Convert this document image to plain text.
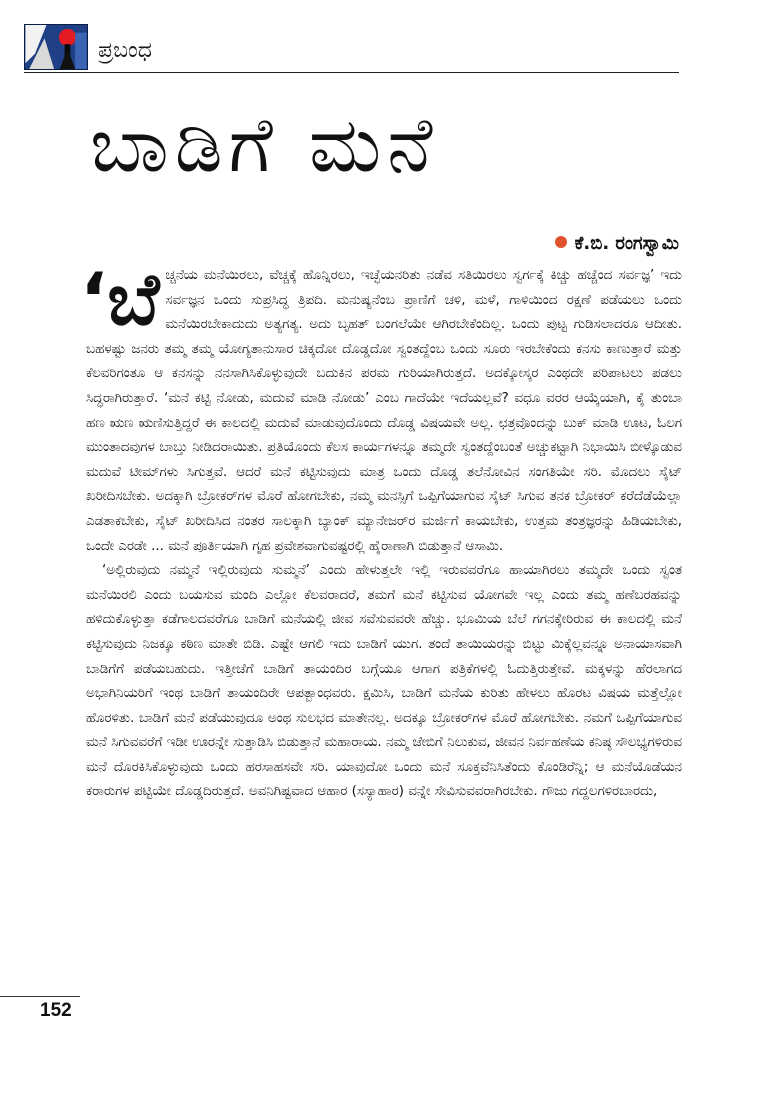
ಪ್ರಬಂಧ
ಬಾಡಿಗೆ ಮನೆ
ಕೆ.ಬಿ. ರಂಗಸ್ವಾಮಿ

‘ಬೆಚ್ಚನೆಯ ಮನೆಯಿರಲು, ವೆಚ್ಚಕ್ಕೆ ಹೊನ್ನಿರಲು, ಇಚ್ಛೆಯನರಿತು ನಡೆವ ಸತಿಯಿರಲು ಸ್ವರ್ಗಕ್ಕೆ ಕಿಚ್ಚು ಹಚ್ಚೆಂದ ಸರ್ವಜ್ಞ’ ಇದು ಸರ್ವಜ್ಞನ ಒಂದು ಸುಪ್ರಸಿದ್ಧ ತ್ರಿಪದಿ. ಮನುಷ್ಯನೆಂಬ ಪ್ರಾಣಿಗೆ ಚಳಿ, ಮಳೆ, ಗಾಳಿಯಿಂದ ರಕ್ಷಣೆ ಪಡೆಯಲು ಒಂದು ಮನೆಯಿರಬೇಕಾದುದು ಅತ್ಯಗತ್ಯ. ಅದು ಬೃಹತ್ ಬಂಗಲೆಯೇ ಆಗಿರಬೇಕೆಂದಿಲ್ಲ. ಒಂದು ಪುಟ್ಟ ಗುಡಿಸಲಾದರೂ ಆದೀತು. ಬಹಳಷ್ಟು ಜನರು ತಮ್ಮ ತಮ್ಮ ಯೋಗ್ಯತಾನುಸಾರ ಚಿಕ್ಕದೋ ದೊಡ್ಡದೋ ಸ್ವಂತದ್ದೆಂಬ ಒಂದು ಸೂರು ಇರಬೇಕೆಂದು ಕನಸು ಕಾಣುತ್ತಾರೆ ಮತ್ತು ಕೆಲವರಿಗಂತೂ ಆ ಕನಸನ್ನು ನನಸಾಗಿಸಿಕೊಳ್ಳುವುದೇ ಬದುಕಿನ ಪರಮ ಗುರಿಯಾಗಿರುತ್ತದೆ. ಅದಕ್ಕೋಸ್ಕರ ಎಂಥದೇ ಪರಿಪಾಟಲು ಪಡಲು ಸಿದ್ಧರಾಗಿರುತ್ತಾರೆ. ‘ಮನೆ ಕಟ್ಟಿ ನೋಡು, ಮದುವೆ ಮಾಡಿ ನೋಡು’ ಎಂಬ ಗಾದೆಯೇ ಇದೆಯಲ್ಲವೆ? ವಧೂ ವರರ ಆಯ್ಕೆಯಾಗಿ, ಕೈ ತುಂಬಾ ಹಣ ಋಣ ಋಣಿಸುತ್ತಿದ್ದರೆ ಈ ಕಾಲದಲ್ಲಿ ಮದುವೆ ಮಾಡುವುದೊಂದು ದೊಡ್ಡ ವಿಷಯವೇ ಅಲ್ಲ. ಛತ್ರವೊಂದನ್ನು ಬುಕ್ ಮಾಡಿ ಊಟ, ಓಲಗ ಮುಂತಾದವುಗಳ ಬಾಬ್ತು ನೀಡಿದರಾಯಿತು. ಪ್ರತಿಯೊಂದು ಕೆಲಸ ಕಾರ್ಯಗಳನ್ನೂ ತಮ್ಮದೇ ಸ್ವಂತದ್ದೆಂಬಂತೆ ಅಚ್ಚುಕಟ್ಟಾಗಿ ನಿಭಾಯಿಸಿ ಬೀಳ್ಕೊಡುವ ಮದುವೆ ಟೀಮ್‌ಗಳು ಸಿಗುತ್ತವೆ. ಆದರೆ ಮನೆ ಕಟ್ಟಿಸುವುದು ಮಾತ್ರ ಒಂದು ದೊಡ್ಡ ತಲೆನೋವಿನ ಸಂಗತಿಯೇ ಸರಿ. ಮೊದಲು ಸೈಟ್ ಖರೀದಿಸಬೇಕು. ಅದಕ್ಕಾಗಿ ಬ್ರೋಕರ್‌ಗಳ ಮೊರೆ ಹೋಗಬೇಕು, ನಮ್ಮ ಮನಸ್ಸಿಗೆ ಒಪ್ಪಿಗೆಯಾಗುವ ಸೈಟ್ ಸಿಗುವ ತನಕ ಬ್ರೋಕರ್ ಕರೆದೆಡೆಯೆಲ್ಲಾ ಎಡತಾಕಬೇಕು, ಸೈಟ್ ಖರೀದಿಸಿದ ನಂತರ ಸಾಲಕ್ಕಾಗಿ ಬ್ಯಾಂಕ್ ಮ್ಯಾನೇಜರ್‌ರ ಮರ್ಜಿಗೆ ಕಾಯಬೇಕು, ಉತ್ತಮ ತಂತ್ರಜ್ಞರನ್ನು ಹಿಡಿಯಬೇಕು, ಒಂದೇ ಎರಡೇ ... ಮನೆ ಪೂರ್ತಿಯಾಗಿ ಗೃಹ ಪ್ರವೇಶವಾಗುವಷ್ಟರಲ್ಲಿ ಹೈರಾಣಾಗಿ ಬಿಡುತ್ತಾನೆ ಆಸಾಮಿ.

‘ಅಲ್ಲಿರುವುದು ನಮ್ಮನೆ ಇಲ್ಲಿರುವುದು ಸುಮ್ಮನೆ’ ಎಂದು ಹೇಳುತ್ತಲೇ ಇಲ್ಲಿ ಇರುವವರೆಗೂ ಹಾಯಾಗಿರಲು ತಮ್ಮದೇ ಒಂದು ಸ್ವಂತ ಮನೆಯಿರಲಿ ಎಂದು ಬಯಸುವ ಮಂದಿ ಎಲ್ಲೋ ಕೆಲವರಾದರೆ, ತಮಗೆ ಮನೆ ಕಟ್ಟಿಸುವ ಯೋಗವೇ ಇಲ್ಲ ಎಂದು ತಮ್ಮ ಹಣೆಬರಹವನ್ನು ಹಳಿದುಕೊಳ್ಳುತ್ತಾ ಕಡೆಗಾಲದವರೆಗೂ ಬಾಡಿಗೆ ಮನೆಯಲ್ಲಿ ಜೀವ ಸವೆಸುವವರೇ ಹೆಚ್ಚು. ಭೂಮಿಯ ಬೆಲೆ ಗಗನಕ್ಕೇರಿರುವ ಈ ಕಾಲದಲ್ಲಿ ಮನೆ ಕಟ್ಟಿಸುವುದು ನಿಜಕ್ಕೂ ಕಠಿಣ ಮಾತೇ ಬಿಡಿ. ಎಷ್ಟೇ ಆಗಲಿ ಇದು ಬಾಡಿಗೆ ಯುಗ. ತಂದೆ ತಾಯಿಯರನ್ನು ಬಿಟ್ಟು ಮಿಕ್ಕೆಲ್ಲವನ್ನೂ ಅನಾಯಾಸವಾಗಿ ಬಾಡಿಗೆಗೆ ಪಡೆಯಬಹುದು. ಇತ್ತೀಚೆಗೆ ಬಾಡಿಗೆ ತಾಯಂದಿರ ಬಗ್ಗೆಯೂ ಆಗಾಗ ಪತ್ರಿಕೆಗಳಲ್ಲಿ ಓದುತ್ತಿರುತ್ತೇವೆ. ಮಕ್ಕಳನ್ನು ಹೆರಲಾಗದ ಅಭಾಗಿನಿಯರಿಗೆ ಇಂಥ ಬಾಡಿಗೆ ತಾಯಂದಿರೇ ಆಪತ್ಬಾಂಧವರು. ಕ್ಷಮಿಸಿ, ಬಾಡಿಗೆ ಮನೆಯ ಕುರಿತು ಹೇಳಲು ಹೊರಟ ವಿಷಯ ಮತ್ತೆಲ್ಲೋ ಹೊರಳಿತು. ಬಾಡಿಗೆ ಮನೆ ಪಡೆಯುವುದೂ ಅಂಥ ಸುಲಭದ ಮಾತೇನಲ್ಲ. ಅದಕ್ಕೂ ಬ್ರೋಕರ್‌ಗಳ ಮೊರೆ ಹೋಗಬೇಕು. ನಮಗೆ ಒಪ್ಪಿಗೆಯಾಗುವ ಮನೆ ಸಿಗುವವರೆಗೆ ಇಡೀ ಊರನ್ನೇ ಸುತ್ತಾಡಿಸಿ ಬಿಡುತ್ತಾನೆ ಮಹಾರಾಯ. ನಮ್ಮ ಜೇಬಿಗೆ ನಿಲುಕುವ, ಜೀವನ ನಿರ್ವಹಣೆಯ ಕನಿಷ್ಠ ಸೌಲಭ್ಯಗಳಿರುವ ಮನೆ ದೊರಕಿಸಿಕೊಳ್ಳುವುದು ಒಂದು ಹರಸಾಹಸವೇ ಸರಿ. ಯಾವುದೋ ಒಂದು ಮನೆ ಸೂಕ್ತವೆನಿಸಿತೆಂದು ಕೊಂಡಿರೆನ್ನಿ; ಆ ಮನೆಯೊಡೆಯನ ಕರಾರುಗಳ ಪಟ್ಟಿಯೇ ದೊಡ್ಡದಿರುತ್ತದೆ. ಅವನಿಗಿಷ್ಟವಾದ ಆಹಾರ (ಸಸ್ಯಾಹಾರ) ವನ್ನೇ ಸೇವಿಸುವವರಾಗಿರಬೇಕು. ಗೌಜು ಗದ್ದಲಗಳಿರಬಾರದು,

152
